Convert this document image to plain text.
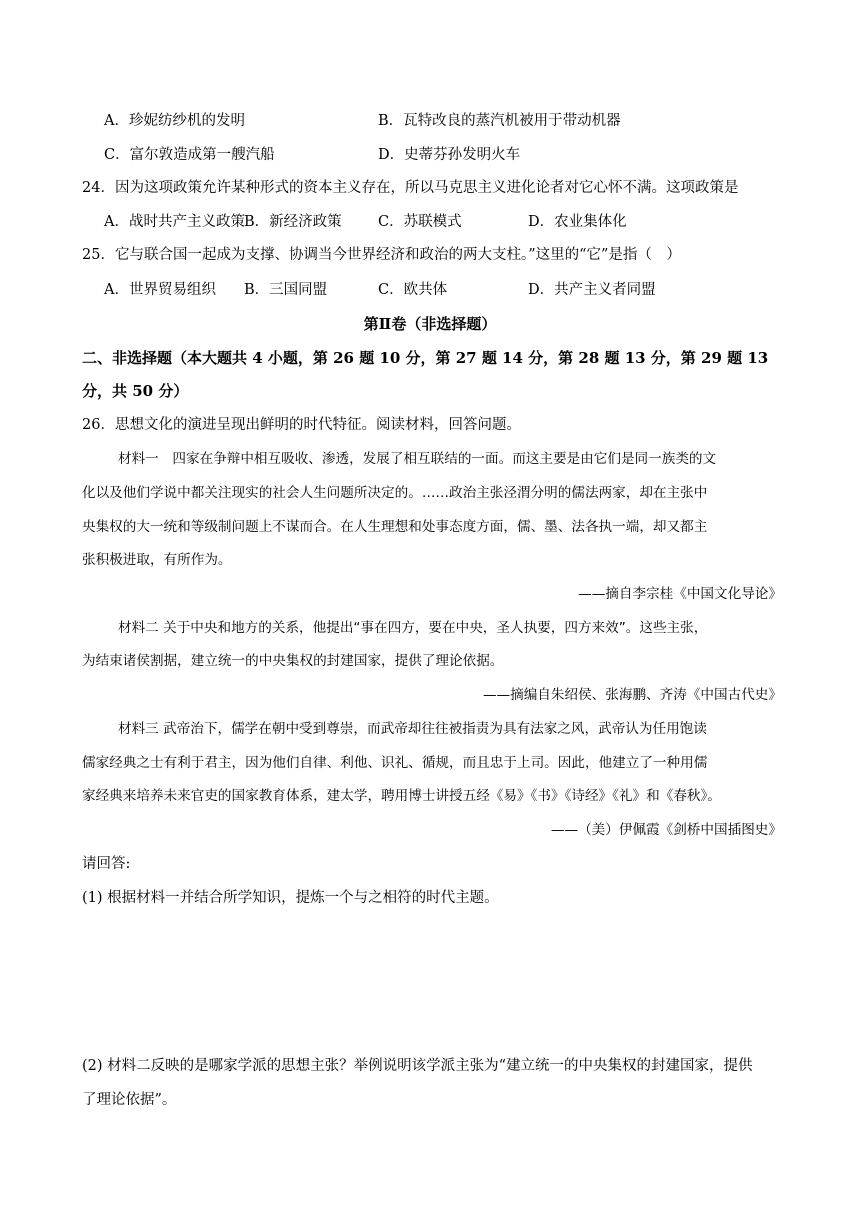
A．珍妮纺纱机的发明	B．瓦特改良的蒸汽机被用于带动机器
C．富尔敦造成第一艘汽船	D．史蒂芬孙发明火车
24．因为这项政策允许某种形式的资本主义存在，所以马克思主义进化论者对它心怀不满。这项政策是
A．战时共产主义政策 B．新经济政策	C．苏联模式	D．农业集体化
25．它与联合国一起成为支撑、协调当今世界经济和政治的两大支柱。”这里的“它”是指（　）
A．世界贸易组织 B．三国同盟	C．欧共体	D．共产主义者同盟
第Ⅱ卷（非选择题）
二、非选择题（本大题共 4 小题，第 26 题 10 分，第 27 题 14 分，第 28 题 13 分，第 29 题 13
分，共 50 分）
26．思想文化的演进呈现出鲜明的时代特征。阅读材料，回答问题。
材料一　四家在争辩中相互吸收、渗透，发展了相互联结的一面。而这主要是由它们是同一族类的文
化以及他们学说中都关注现实的社会人生问题所决定的。……政治主张泾渭分明的儒法两家，却在主张中
央集权的大一统和等级制问题上不谋而合。在人生理想和处事态度方面，儒、墨、法各执一端，却又都主
张积极进取，有所作为。
——摘自李宗桂《中国文化导论》
材料二 关于中央和地方的关系，他提出“事在四方，要在中央，圣人执要，四方来效”。这些主张，
为结束诸侯割据，建立统一的中央集权的封建国家，提供了理论依据。
——摘编自朱绍侯、张海鹏、齐涛《中国古代史》
材料三 武帝治下，儒学在朝中受到尊崇，而武帝却往往被指责为具有法家之风，武帝认为任用饱读
儒家经典之士有利于君主，因为他们自律、利他、识礼、循规，而且忠于上司。因此，他建立了一种用儒
家经典来培养未来官吏的国家教育体系，建太学，聘用博士讲授五经《易》《书》《诗经》《礼》和《春秋》。
——（美）伊佩霞《剑桥中国插图史》
请回答:
(1) 根据材料一并结合所学知识，提炼一个与之相符的时代主题。
(2) 材料二反映的是哪家学派的思想主张？举例说明该学派主张为“建立统一的中央集权的封建国家，提供
了理论依据”。
